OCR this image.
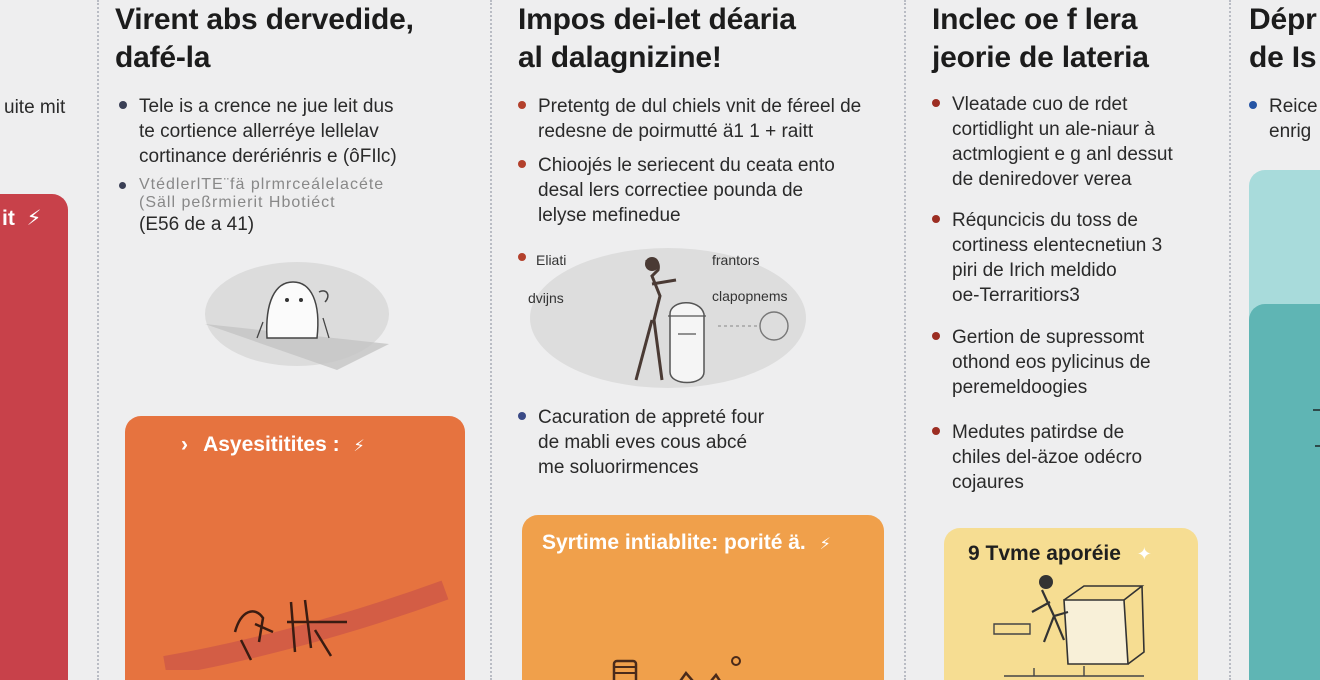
uite mit
it ⚡
Virent abs dervedide,
dafé-la
Tele is a crence ne jue leit dus
te cortience allerréye lellelav
cortinance derériénris e (ôFIlc)
VtédlerlTE¨fä plrmrceálelacéte
(Säll peßrmierit Hbotiéct
(E56 de a 41)
› Asyesititites : ⚡
Impos dei-let déaria
al dalagnizine!
Pretentg de dul chiels vnit de féreel de
redesne de poirmutté ä1 1 + raitt
Chioojés le seriecent du ceata ento
desal lers correctiee pounda de
lelyse mefinedue
Eliati	frantors
dvijns	clapopnems
Cacuration de appreté four
de mabli eves cous abcé
me soluorirmences
Syrtime intiablite: porité ä. ⚡
Inclec oe f lera
jeorie de lateria
Vleatade cuo de rdet
cortidlight un ale-niaur à
actmlogient e g anl dessut
de deniredover verea
Réquncicis du toss de
cortiness elentecnetiun 3
piri de Irich meldido
oe-Terraritiors3
Gertion de supressomt
othond eos pylicinus de
peremeldoogies
Medutes patirdse de
chiles del-äzoe odécro
cojaures
9 Tvme aporéie ✦
Dépr
de Is
Reice
enrig
